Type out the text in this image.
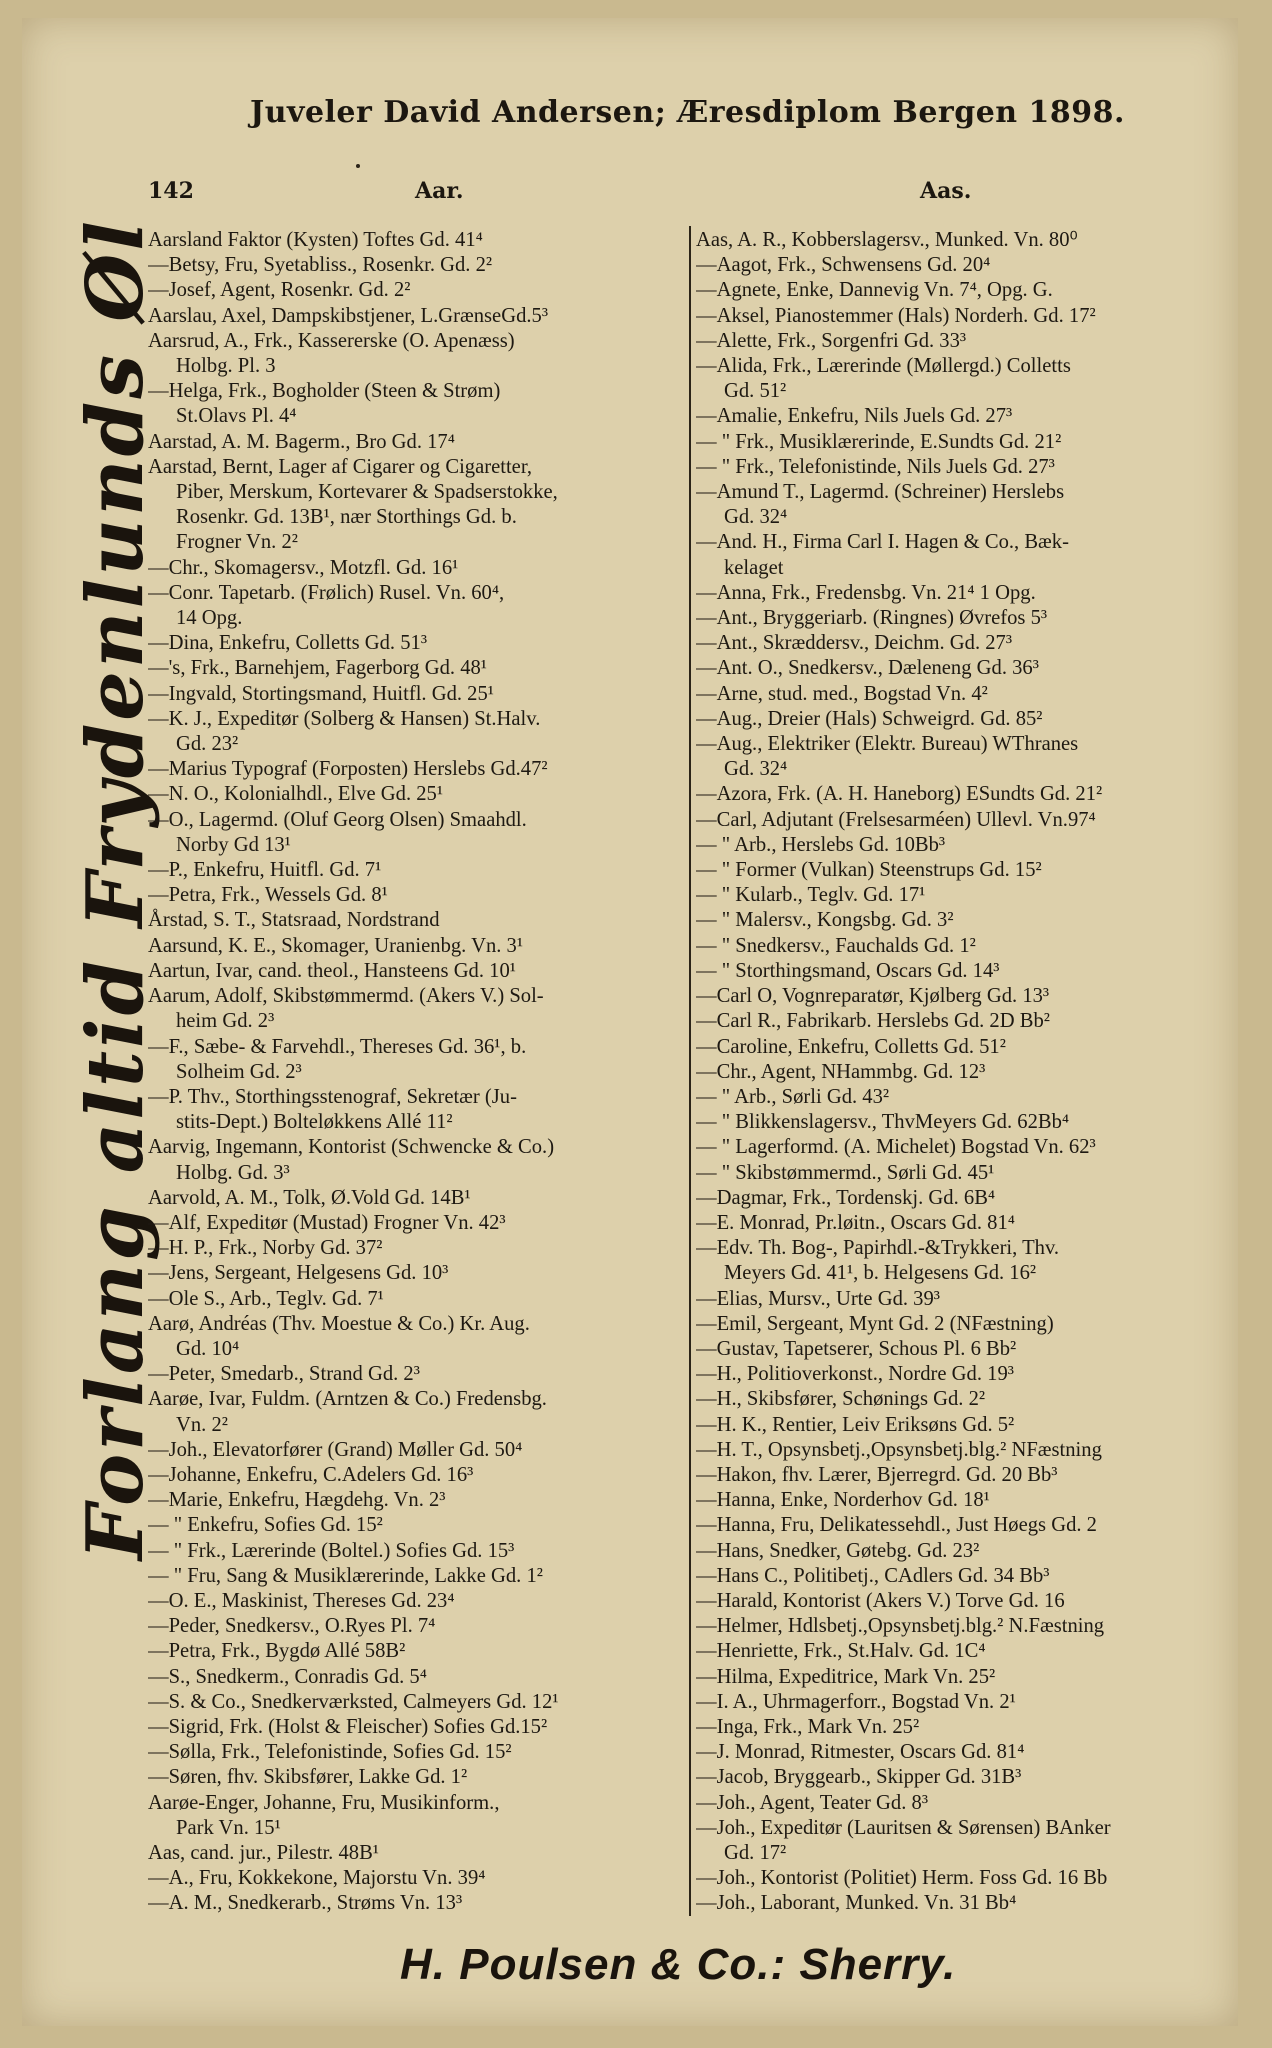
Juveler David Andersen; Æresdiplom Bergen 1898.
142	Aar.	Aas.
Forlang altid Frydenlunds Øl
Aarsland Faktor (Kysten) Toftes Gd. 41⁴
—Betsy, Fru, Syetabliss., Rosenkr. Gd. 2²
—Josef, Agent, Rosenkr. Gd. 2²
Aarslau, Axel, Dampskibstjener, L.GrænseGd.5³
Aarsrud, A., Frk., Kassererske (O. Apenæss)
Holbg. Pl. 3
—Helga, Frk., Bogholder (Steen & Strøm)
St.Olavs Pl. 4⁴
Aarstad, A. M. Bagerm., Bro Gd. 17⁴
Aarstad, Bernt, Lager af Cigarer og Cigaretter,
Piber, Merskum, Kortevarer & Spadserstokke,
Rosenkr. Gd. 13B¹, nær Storthings Gd. b.
Frogner Vn. 2²
—Chr., Skomagersv., Motzfl. Gd. 16¹
—Conr. Tapetarb. (Frølich) Rusel. Vn. 60⁴,
14 Opg.
—Dina, Enkefru, Colletts Gd. 51³
—'s, Frk., Barnehjem, Fagerborg Gd. 48¹
—Ingvald, Stortingsmand, Huitfl. Gd. 25¹
—K. J., Expeditør (Solberg & Hansen) St.Halv.
Gd. 23²
—Marius Typograf (Forposten) Herslebs Gd.47²
—N. O., Kolonialhdl., Elve Gd. 25¹
—O., Lagermd. (Oluf Georg Olsen) Smaahdl.
Norby Gd 13¹
—P., Enkefru, Huitfl. Gd. 7¹
—Petra, Frk., Wessels Gd. 8¹
Årstad, S. T., Statsraad, Nordstrand
Aarsund, K. E., Skomager, Uranienbg. Vn. 3¹
Aartun, Ivar, cand. theol., Hansteens Gd. 10¹
Aarum, Adolf, Skibstømmermd. (Akers V.) Sol-
heim Gd. 2³
—F., Sæbe- & Farvehdl., Thereses Gd. 36¹, b.
Solheim Gd. 2³
—P. Thv., Storthingsstenograf, Sekretær (Ju-
stits-Dept.) Bolteløkkens Allé 11²
Aarvig, Ingemann, Kontorist (Schwencke & Co.)
Holbg. Gd. 3³
Aarvold, A. M., Tolk, Ø.Vold Gd. 14B¹
—Alf, Expeditør (Mustad) Frogner Vn. 42³
—H. P., Frk., Norby Gd. 37²
—Jens, Sergeant, Helgesens Gd. 10³
—Ole S., Arb., Teglv. Gd. 7¹
Aarø, Andréas (Thv. Moestue & Co.) Kr. Aug.
Gd. 10⁴
—Peter, Smedarb., Strand Gd. 2³
Aarøe, Ivar, Fuldm. (Arntzen & Co.) Fredensbg.
Vn. 2²
—Joh., Elevatorfører (Grand) Møller Gd. 50⁴
—Johanne, Enkefru, C.Adelers Gd. 16³
—Marie, Enkefru, Hægdehg. Vn. 2³
— " Enkefru, Sofies Gd. 15²
— " Frk., Lærerinde (Boltel.) Sofies Gd. 15³
— " Fru, Sang & Musiklærerinde, Lakke Gd. 1²
—O. E., Maskinist, Thereses Gd. 23⁴
—Peder, Snedkersv., O.Ryes Pl. 7⁴
—Petra, Frk., Bygdø Allé 58B²
—S., Snedkerm., Conradis Gd. 5⁴
—S. & Co., Snedkerværksted, Calmeyers Gd. 12¹
—Sigrid, Frk. (Holst & Fleischer) Sofies Gd.15²
—Sølla, Frk., Telefonistinde, Sofies Gd. 15²
—Søren, fhv. Skibsfører, Lakke Gd. 1²
Aarøe-Enger, Johanne, Fru, Musikinform.,
Park Vn. 15¹
Aas, cand. jur., Pilestr. 48B¹
—A., Fru, Kokkekone, Majorstu Vn. 39⁴
—A. M., Snedkerarb., Strøms Vn. 13³
Aas, A. R., Kobberslagersv., Munked. Vn. 80⁰
—Aagot, Frk., Schwensens Gd. 20⁴
—Agnete, Enke, Dannevig Vn. 7⁴, Opg. G.
—Aksel, Pianostemmer (Hals) Norderh. Gd. 17²
—Alette, Frk., Sorgenfri Gd. 33³
—Alida, Frk., Lærerinde (Møllergd.) Colletts
Gd. 51²
—Amalie, Enkefru, Nils Juels Gd. 27³
— " Frk., Musiklærerinde, E.Sundts Gd. 21²
— " Frk., Telefonistinde, Nils Juels Gd. 27³
—Amund T., Lagermd. (Schreiner) Herslebs
Gd. 32⁴
—And. H., Firma Carl I. Hagen & Co., Bæk-
kelaget
—Anna, Frk., Fredensbg. Vn. 21⁴ 1 Opg.
—Ant., Bryggeriarb. (Ringnes) Øvrefos 5³
—Ant., Skræddersv., Deichm. Gd. 27³
—Ant. O., Snedkersv., Dæleneng Gd. 36³
—Arne, stud. med., Bogstad Vn. 4²
—Aug., Dreier (Hals) Schweigrd. Gd. 85²
—Aug., Elektriker (Elektr. Bureau) WThranes
Gd. 32⁴
—Azora, Frk. (A. H. Haneborg) ESundts Gd. 21²
—Carl, Adjutant (Frelsesarméen) Ullevl. Vn.97⁴
— " Arb., Herslebs Gd. 10Bb³
— " Former (Vulkan) Steenstrups Gd. 15²
— " Kularb., Teglv. Gd. 17¹
— " Malersv., Kongsbg. Gd. 3²
— " Snedkersv., Fauchalds Gd. 1²
— " Storthingsmand, Oscars Gd. 14³
—Carl O, Vognreparatør, Kjølberg Gd. 13³
—Carl R., Fabrikarb. Herslebs Gd. 2D Bb²
—Caroline, Enkefru, Colletts Gd. 51²
—Chr., Agent, NHammbg. Gd. 12³
— " Arb., Sørli Gd. 43²
— " Blikkenslagersv., ThvMeyers Gd. 62Bb⁴
— " Lagerformd. (A. Michelet) Bogstad Vn. 62³
— " Skibstømmermd., Sørli Gd. 45¹
—Dagmar, Frk., Tordenskj. Gd. 6B⁴
—E. Monrad, Pr.løitn., Oscars Gd. 81⁴
—Edv. Th. Bog-, Papirhdl.-&Trykkeri, Thv.
Meyers Gd. 41¹, b. Helgesens Gd. 16²
—Elias, Mursv., Urte Gd. 39³
—Emil, Sergeant, Mynt Gd. 2 (NFæstning)
—Gustav, Tapetserer, Schous Pl. 6 Bb²
—H., Politioverkonst., Nordre Gd. 19³
—H., Skibsfører, Schønings Gd. 2²
—H. K., Rentier, Leiv Eriksøns Gd. 5²
—H. T., Opsynsbetj.,Opsynsbetj.blg.² NFæstning
—Hakon, fhv. Lærer, Bjerregrd. Gd. 20 Bb³
—Hanna, Enke, Norderhov Gd. 18¹
—Hanna, Fru, Delikatessehdl., Just Høegs Gd. 2
—Hans, Snedker, Gøtebg. Gd. 23²
—Hans C., Politibetj., CAdlers Gd. 34 Bb³
—Harald, Kontorist (Akers V.) Torve Gd. 16
—Helmer, Hdlsbetj.,Opsynsbetj.blg.² N.Fæstning
—Henriette, Frk., St.Halv. Gd. 1C⁴
—Hilma, Expeditrice, Mark Vn. 25²
—I. A., Uhrmagerforr., Bogstad Vn. 2¹
—Inga, Frk., Mark Vn. 25²
—J. Monrad, Ritmester, Oscars Gd. 81⁴
—Jacob, Bryggearb., Skipper Gd. 31B³
—Joh., Agent, Teater Gd. 8³
—Joh., Expeditør (Lauritsen & Sørensen) BAnker
Gd. 17²
—Joh., Kontorist (Politiet) Herm. Foss Gd. 16 Bb
—Joh., Laborant, Munked. Vn. 31 Bb⁴
H. Poulsen & Co.: Sherry.
